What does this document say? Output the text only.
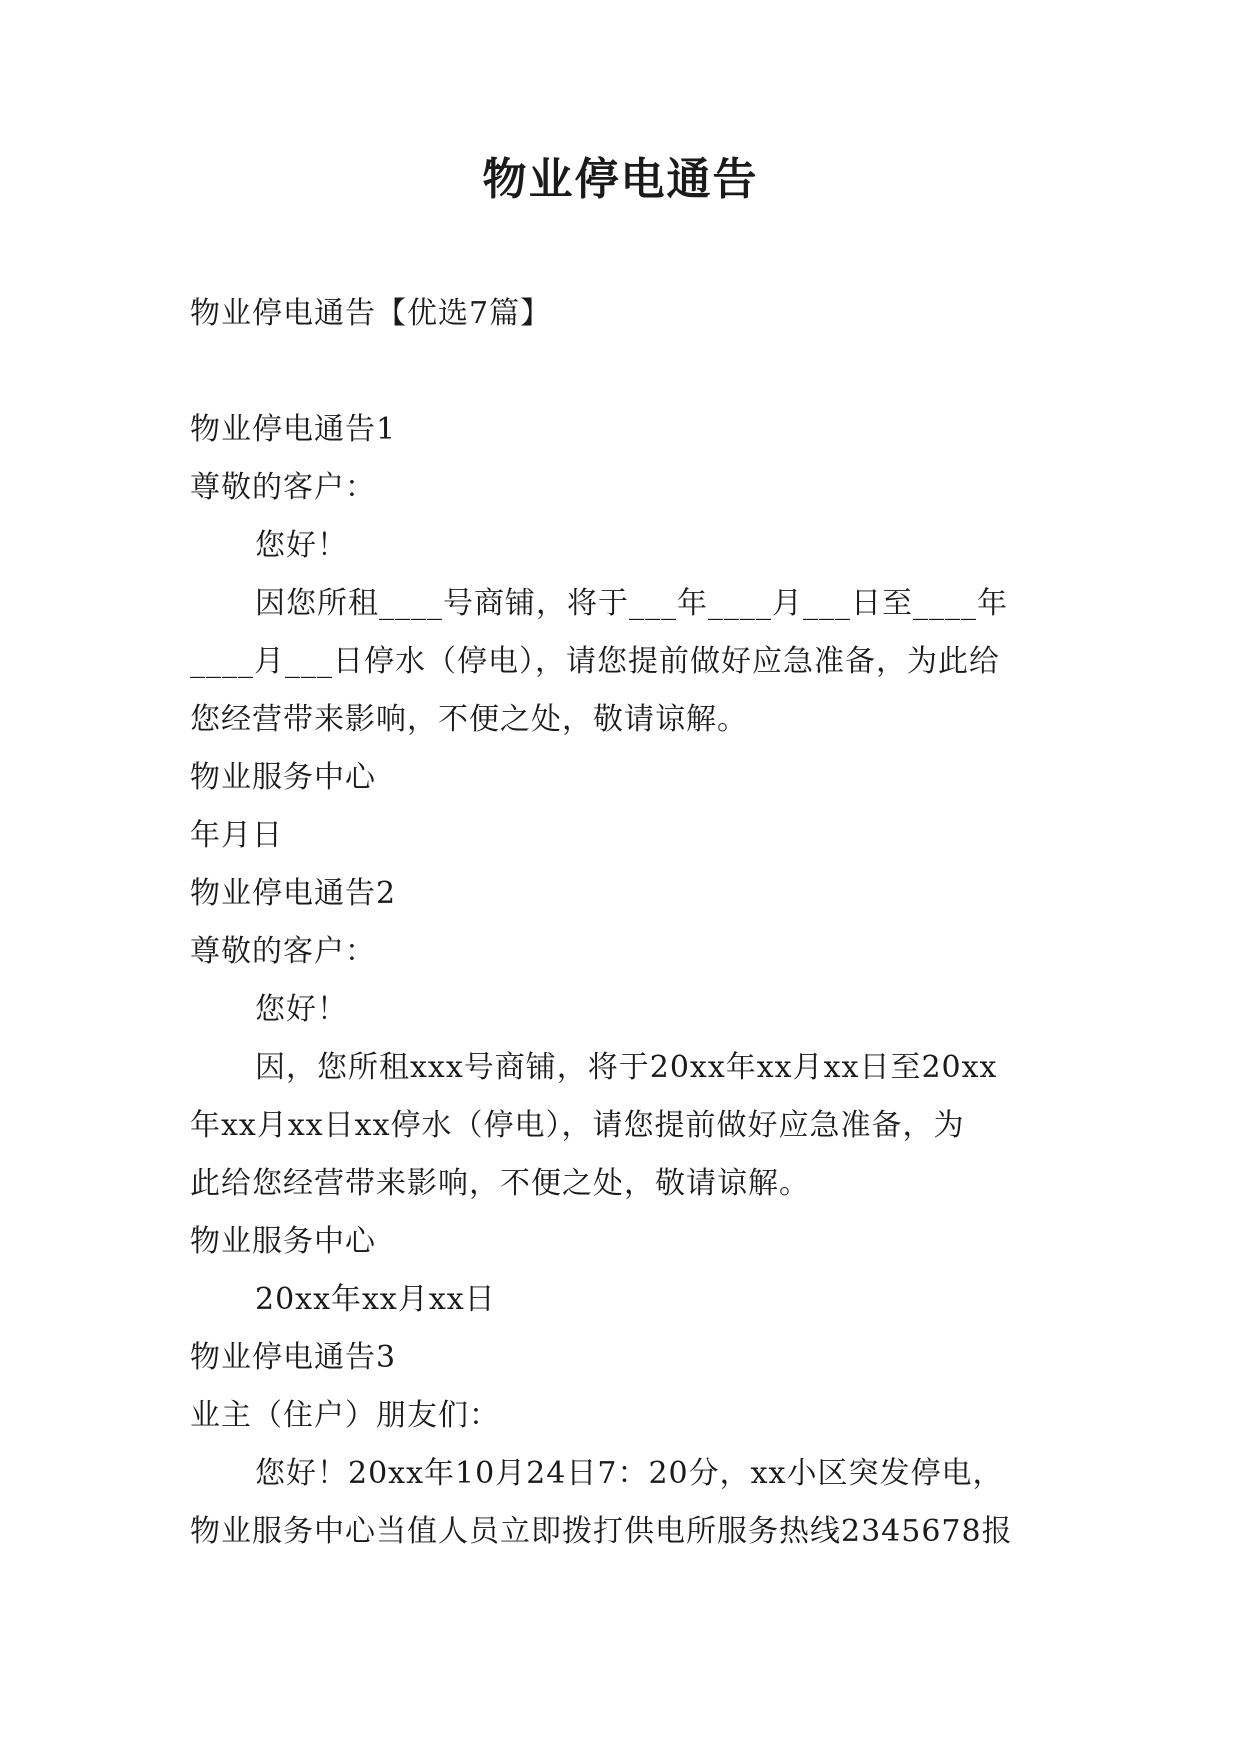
物业停电通告
物业停电通告【优选7篇】
物业停电通告1
尊敬的客户：
您好！
因您所租____号商铺，将于___年____月___日至____年
____月___日停水（停电），请您提前做好应急准备，为此给
您经营带来影响，不便之处，敬请谅解。
物业服务中心
年月日
物业停电通告2
尊敬的客户：
您好！
因，您所租xxx号商铺，将于20xx年xx月xx日至20xx
年xx月xx日xx停水（停电），请您提前做好应急准备，为
此给您经营带来影响，不便之处，敬请谅解。
物业服务中心
20xx年xx月xx日
物业停电通告3
业主（住户）朋友们：
您好！20xx年10月24日7：20分，xx小区突发停电，
物业服务中心当值人员立即拨打供电所服务热线2345678报
